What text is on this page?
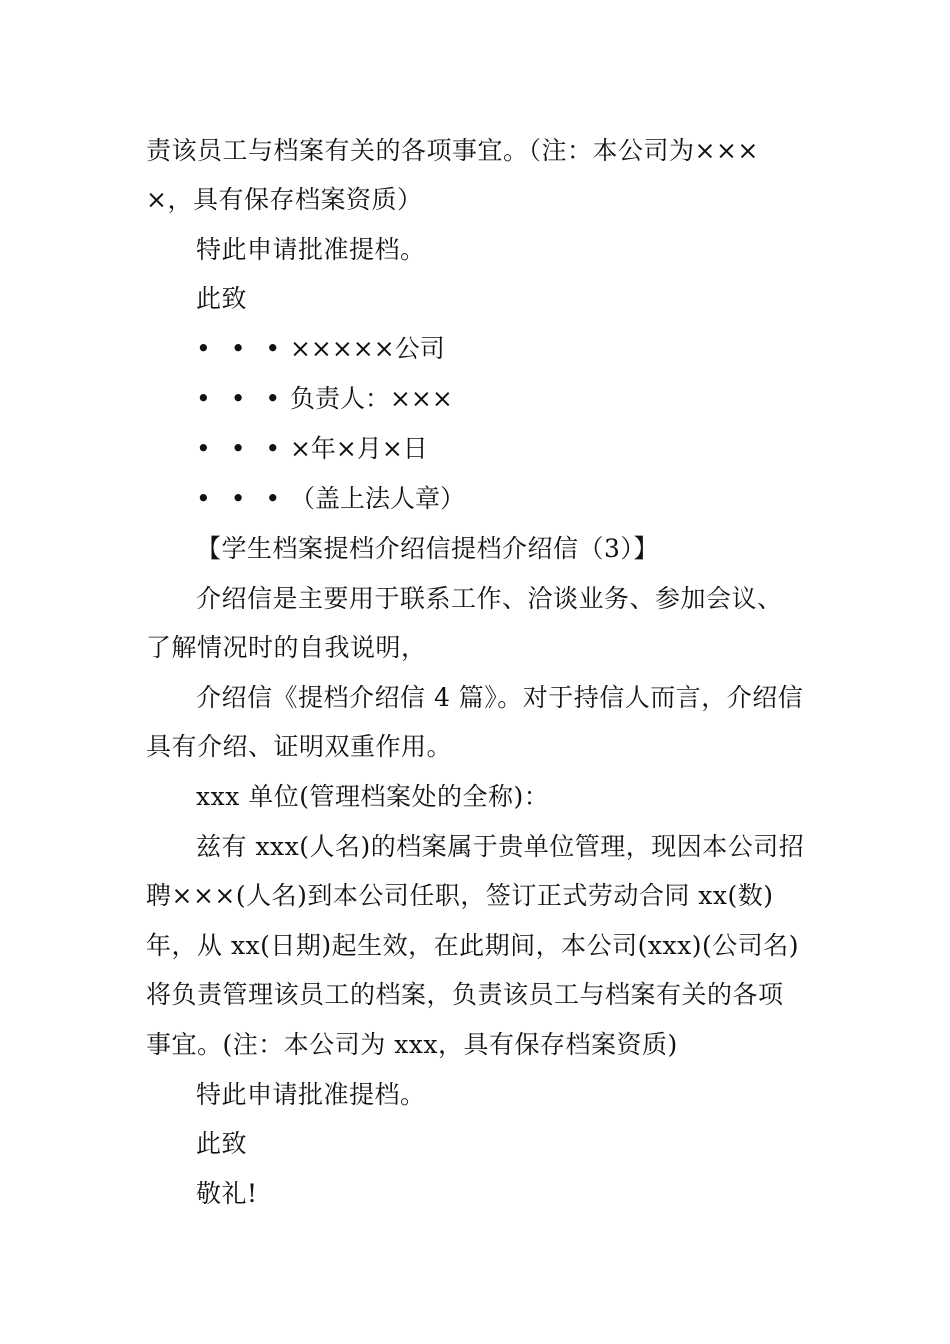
责该员工与档案有关的各项事宜。（注：本公司为×××
×，具有保存档案资质）
特此申请批准提档。
此致
• • • ×××××公司
• • • 负责人：×××
• • • ×年×月×日
• • • （盖上法人章）
【学生档案提档介绍信提档介绍信（3）】
介绍信是主要用于联系工作、洽谈业务、参加会议、
了解情况时的自我说明，
介绍信《提档介绍信 4 篇》。对于持信人而言，介绍信
具有介绍、证明双重作用。
xxx 单位(管理档案处的全称)：
兹有 xxx(人名)的档案属于贵单位管理，现因本公司招
聘×××(人名)到本公司任职，签订正式劳动合同 xx(数)
年，从 xx(日期)起生效，在此期间，本公司(xxx)(公司名)
将负责管理该员工的档案，负责该员工与档案有关的各项
事宜。(注：本公司为 xxx，具有保存档案资质)
特此申请批准提档。
此致
敬礼!
